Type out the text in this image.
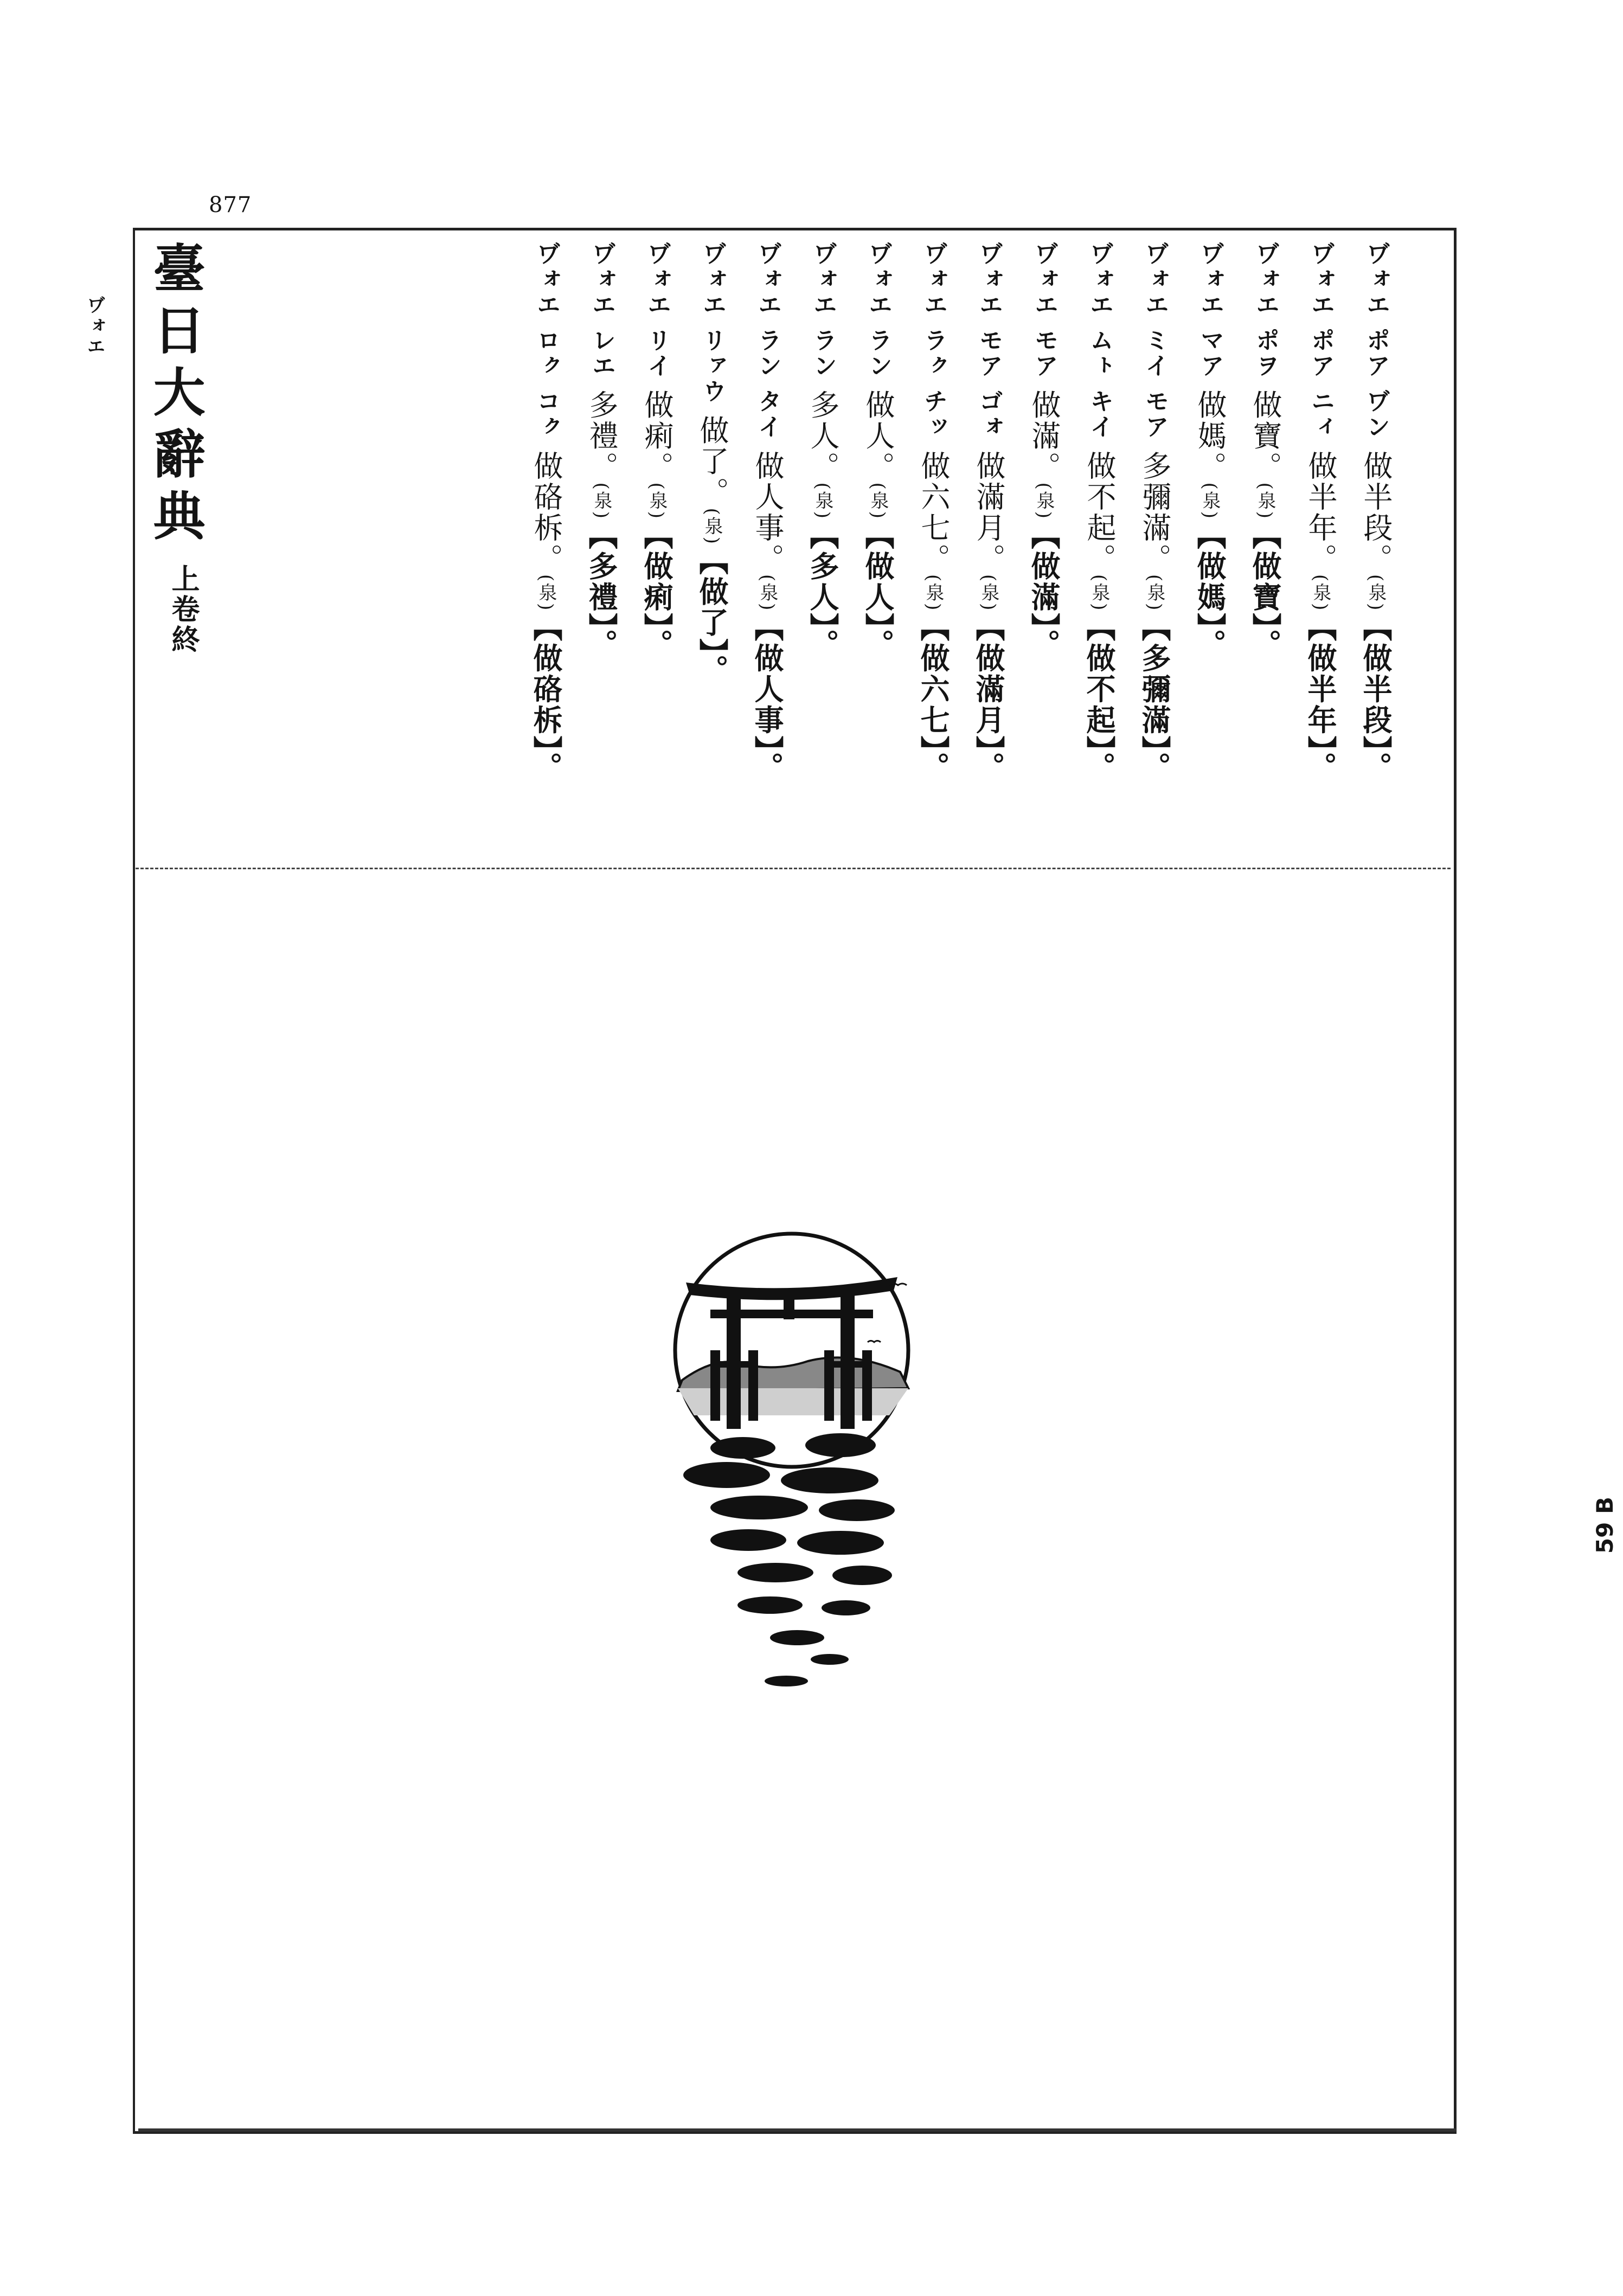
877
ヷォエ 臺日大辭典
上卷終
ヷォエ ポア ヷン 做半段。(泉)【做半段】。
ヷォエ ポア ニィ 做半年。(泉)【做半年】。
ヷォエ ポヲ 做寶。(泉)【做寶】。
ヷォエ マア 做媽。(泉)【做媽】。
ヷォエ ミイ モア 多彌滿。(泉)【多彌滿】。
ヷォエ ムㇳ キイ 做不起。(泉)【做不起】。
ヷォエ モア 做滿。(泉)【做滿】。
ヷォエ モア ゴォ 做滿月。(泉)【做滿月】。
ヷォエ ラㇰ チッ 做六七。(泉)【做六七】。
ヷォエ ラン 做人。(泉)【做人】。
ヷォエ ラン 多人。(泉)【多人】。
ヷォエ ラン タイ 做人事。(泉)【做人事】。
ヷォエ リァウ 做了。(泉)【做了】。
ヷォエ リイ 做痢。(泉)【做痢】。
ヷォエ レエ 多禮。(泉)【多禮】。
ヷォエ ロㇰ コㇰ 做硌柝。(泉)【做硌柝】。
59 B
